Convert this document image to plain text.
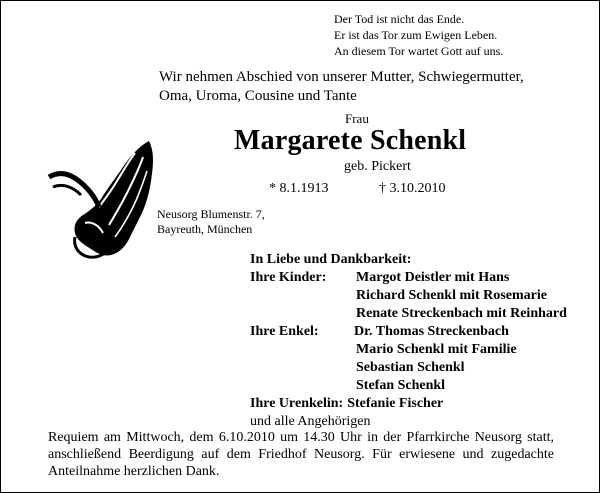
Der Tod ist nicht das Ende.
Er ist das Tor zum Ewigen Leben.
An diesem Tor wartet Gott auf uns.
Wir nehmen Abschied von unserer Mutter, Schwiegermutter,
Oma, Uroma, Cousine und Tante
Frau
Margarete Schenkl
geb. Pickert
* 8.1.1913	† 3.10.2010
Neusorg Blumenstr. 7,
Bayreuth, München
In Liebe und Dankbarkeit:
Ihre Kinder:	Margot Deistler mit Hans
Richard Schenkl mit Rosemarie
Renate Streckenbach mit Reinhard
Ihre Enkel:	Dr. Thomas Streckenbach
Mario Schenkl mit Familie
Sebastian Schenkl
Stefan Schenkl
Ihre Urenkelin: Stefanie Fischer
und alle Angehörigen
Requiem am Mittwoch, dem 6.10.2010 um 14.30 Uhr in der Pfarrkirche Neusorg statt, anschließend Beerdigung auf dem Friedhof Neusorg. Für erwiesene und zugedachte Anteilnahme herzlichen Dank.
